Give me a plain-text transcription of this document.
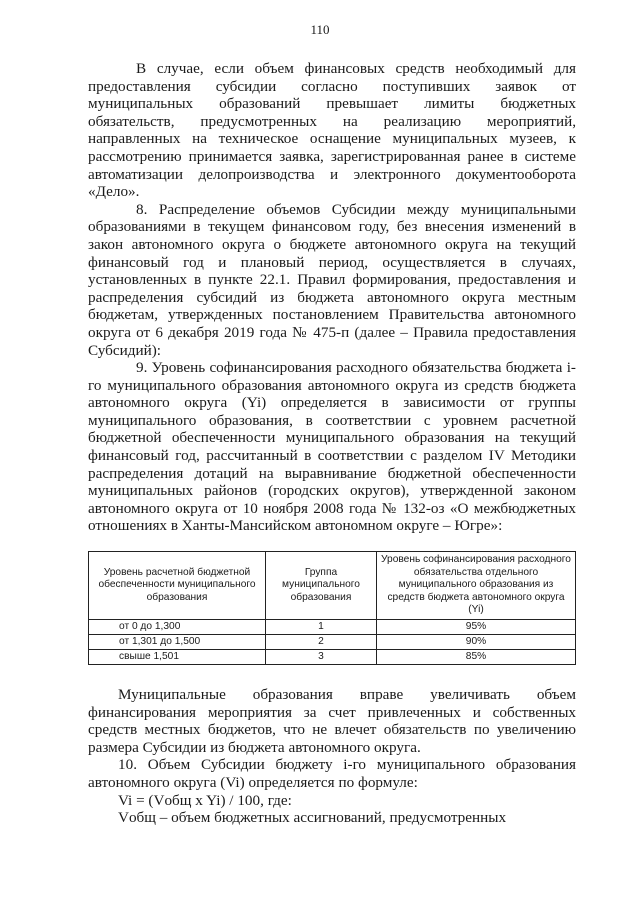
110

В случае, если объем финансовых средств необходимый для предоставления субсидии согласно поступивших заявок от муниципальных образований превышает лимиты бюджетных обязательств, предусмотренных на реализацию мероприятий, направленных на техническое оснащение муниципальных музеев, к рассмотрению принимается заявка, зарегистрированная ранее в системе автоматизации делопроизводства и электронного документооборота «Дело».

8. Распределение объемов Субсидии между муниципальными образованиями в текущем финансовом году, без внесения изменений в закон автономного округа о бюджете автономного округа на текущий финансовый год и плановый период, осуществляется в случаях, установленных в пункте 22.1. Правил формирования, предоставления и распределения субсидий из бюджета автономного округа местным бюджетам, утвержденных постановлением Правительства автономного округа от 6 декабря 2019 года № 475-п (далее – Правила предоставления Субсидий):

9. Уровень софинансирования расходного обязательства бюджета i-го муниципального образования автономного округа из средств бюджета автономного округа (Yi) определяется в зависимости от группы муниципального образования, в соответствии с уровнем расчетной бюджетной обеспеченности муниципального образования на текущий финансовый год, рассчитанный в соответствии с разделом IV Методики распределения дотаций на выравнивание бюджетной обеспеченности муниципальных районов (городских округов), утвержденной законом автономного округа от 10 ноября 2008 года № 132-оз «О межбюджетных отношениях в Ханты-Мансийском автономном округе – Югре»:

Уровень расчетной бюджетной обеспеченности муниципального образования	Группа муниципального образования	Уровень софинансирования расходного обязательства отдельного муниципального образования из средств бюджета автономного округа (Yi)
от 0 до 1,300	1	95%
от 1,301 до 1,500	2	90%
свыше 1,501	3	85%

Муниципальные образования вправе увеличивать объем финансирования мероприятия за счет привлеченных и собственных средств местных бюджетов, что не влечет обязательств по увеличению размера Субсидии из бюджета автономного округа.

10. Объем Субсидии бюджету i-го муниципального образования автономного округа (Vi) определяется по формуле:

Vi = (Vобщ x Yi) / 100, где:

Vобщ – объем бюджетных ассигнований, предусмотренных
